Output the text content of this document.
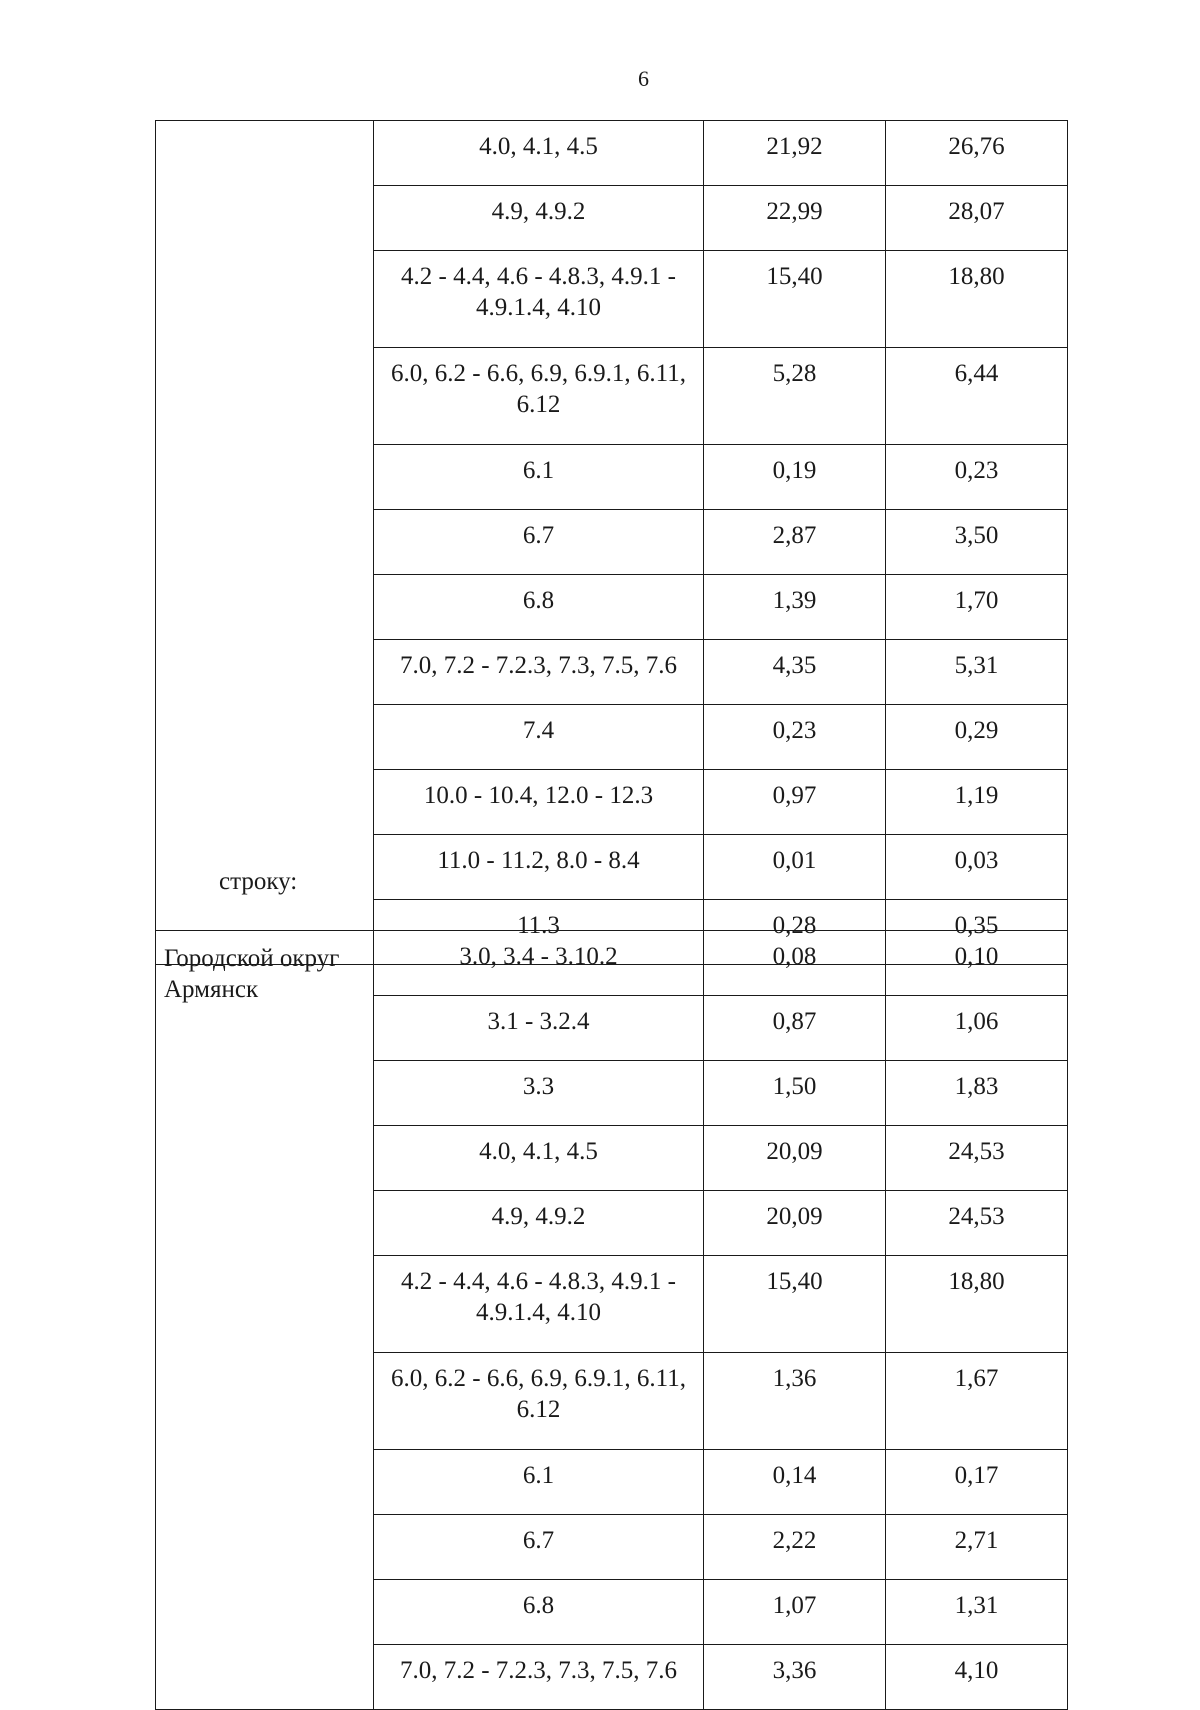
6
	4.0, 4.1, 4.5	21,92	26,76
	4.9, 4.9.2	22,99	28,07
	4.2 - 4.4, 4.6 - 4.8.3, 4.9.1 - 4.9.1.4, 4.10	15,40	18,80
	6.0, 6.2 - 6.6, 6.9, 6.9.1, 6.11, 6.12	5,28	6,44
	6.1	0,19	0,23
	6.7	2,87	3,50
	6.8	1,39	1,70
	7.0, 7.2 - 7.2.3, 7.3, 7.5, 7.6	4,35	5,31
	7.4	0,23	0,29
	10.0 - 10.4, 12.0 - 12.3	0,97	1,19
	11.0 - 11.2, 8.0 - 8.4	0,01	0,03
	11.3	0,28	0,35
строку:
Городской округ Армянск	3.0, 3.4 - 3.10.2	0,08	0,10
	3.1 - 3.2.4	0,87	1,06
	3.3	1,50	1,83
	4.0, 4.1, 4.5	20,09	24,53
	4.9, 4.9.2	20,09	24,53
	4.2 - 4.4, 4.6 - 4.8.3, 4.9.1 - 4.9.1.4, 4.10	15,40	18,80
	6.0, 6.2 - 6.6, 6.9, 6.9.1, 6.11, 6.12	1,36	1,67
	6.1	0,14	0,17
	6.7	2,22	2,71
	6.8	1,07	1,31
	7.0, 7.2 - 7.2.3, 7.3, 7.5, 7.6	3,36	4,10
